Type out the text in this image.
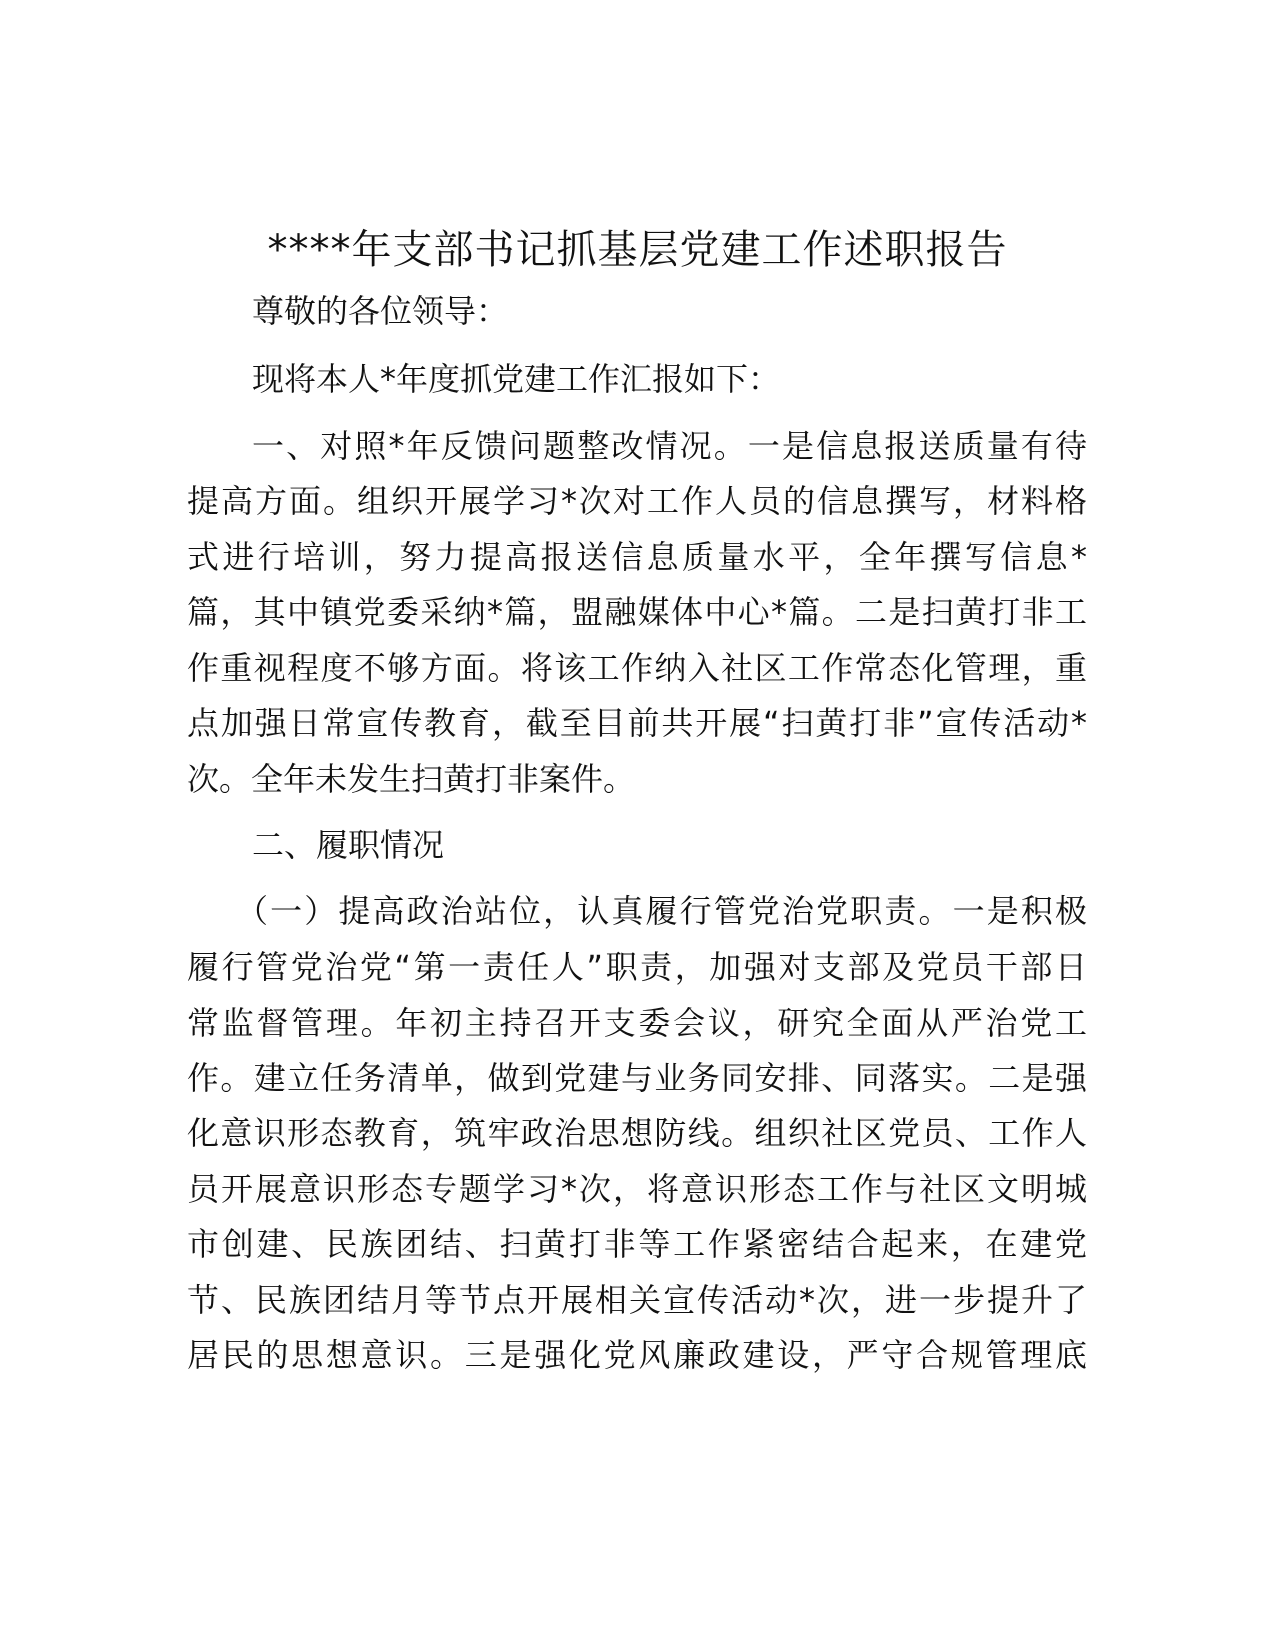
****年支部书记抓基层党建工作述职报告
尊敬的各位领导：
现将本人*年度抓党建工作汇报如下：
一、对照*年反馈问题整改情况。一是信息报送质量有待
提高方面。组织开展学习*次对工作人员的信息撰写，材料格
式进行培训，努力提高报送信息质量水平，全年撰写信息*
篇，其中镇党委采纳*篇，盟融媒体中心*篇。二是扫黄打非工
作重视程度不够方面。将该工作纳入社区工作常态化管理，重
点加强日常宣传教育，截至目前共开展“扫黄打非”宣传活动*
次。全年未发生扫黄打非案件。
二、履职情况
（一）提高政治站位，认真履行管党治党职责。一是积极
履行管党治党“第一责任人”职责，加强对支部及党员干部日
常监督管理。年初主持召开支委会议，研究全面从严治党工
作。建立任务清单，做到党建与业务同安排、同落实。二是强
化意识形态教育，筑牢政治思想防线。组织社区党员、工作人
员开展意识形态专题学习*次，将意识形态工作与社区文明城
市创建、民族团结、扫黄打非等工作紧密结合起来，在建党
节、民族团结月等节点开展相关宣传活动*次，进一步提升了
居民的思想意识。三是强化党风廉政建设，严守合规管理底
